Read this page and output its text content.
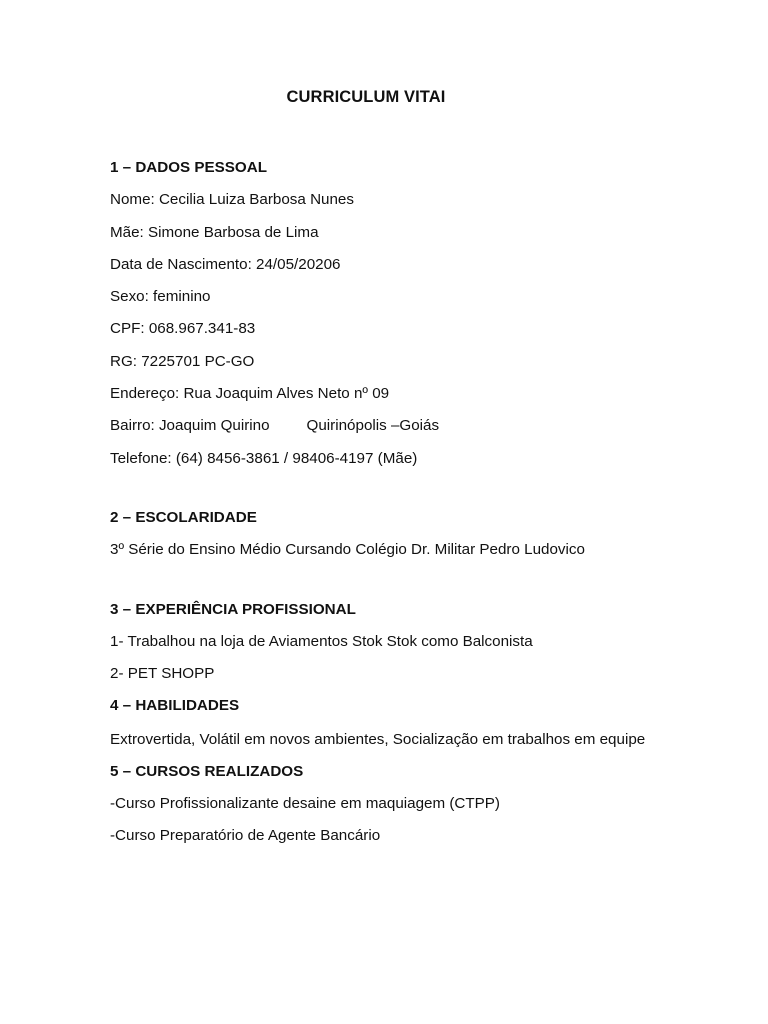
CURRICULUM VITAI
1 – DADOS PESSOAL
Nome: Cecilia Luiza Barbosa Nunes
Mãe: Simone Barbosa de Lima
Data de Nascimento: 24/05/20206
Sexo: feminino
CPF: 068.967.341-83
RG: 7225701 PC-GO
Endereço: Rua Joaquim Alves Neto nº 09
Bairro: Joaquim Quirino Quirinópolis –Goiás
Telefone: (64) 8456-3861 / 98406-4197 (Mãe)
2 – ESCOLARIDADE
3º Série do Ensino Médio Cursando Colégio Dr. Militar Pedro Ludovico
3 – EXPERIÊNCIA PROFISSIONAL
1- Trabalhou na loja de Aviamentos Stok Stok como Balconista
2- PET SHOPP
4 – HABILIDADES
Extrovertida, Volátil em novos ambientes, Socialização em trabalhos em equipe
5 – CURSOS REALIZADOS
-Curso Profissionalizante desaine em maquiagem (CTPP)
-Curso Preparatório de Agente Bancário
